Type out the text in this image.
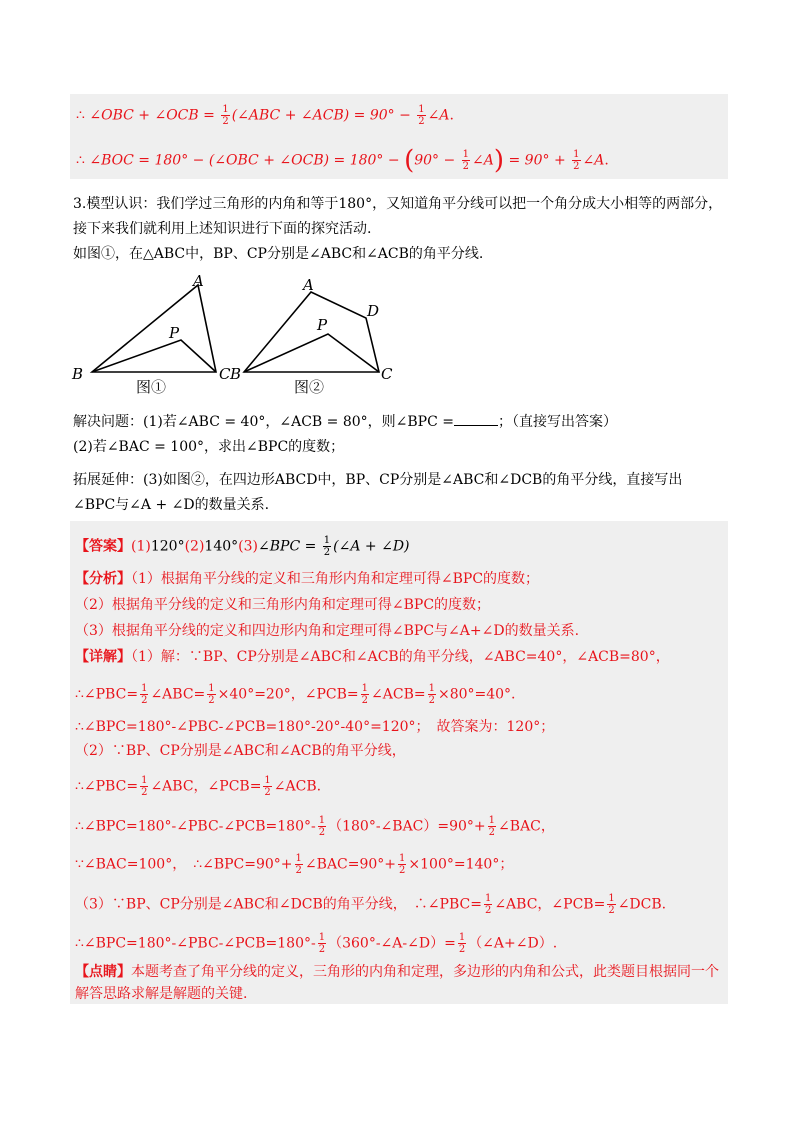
∴ ∠OBC + ∠OCB = $\frac{1}{2}$ (∠ABC + ∠ACB) = $90^\circ - \frac{1}{2}$ ∠A.
∴ ∠BOC = 180° − (∠OBC + ∠OCB) = $180^\circ - (90^\circ - \frac{1}{2}$ ∠A) = $90^\circ + \frac{1}{2}$ ∠A.
3.模型认识：我们学过三角形的内角和等于180°，又知道角平分线可以把一个角分成大小相等的两部分，
接下来我们就利用上述知识进行下面的探究活动.
如图①，在△ABC中，BP、CP分别是∠ABC和∠ACB的角平分线.
A
P
B	C
图①
A
D
P
B	C
图②
解决问题：(1)若∠ABC = 40°，∠ACB = 80°，则∠BPC =	；（直接写出答案）
(2)若∠BAC = 100°，求出∠BPC的度数；
拓展延伸：(3)如图②，在四边形ABCD中，BP、CP分别是∠ABC和∠DCB的角平分线，直接写出
∠BPC与∠A + ∠D的数量关系.
【答案】(1)120°(2)140°(3)∠BPC = $\frac{1}{2}$ (∠A + ∠D)
【分析】（1）根据角平分线的定义和三角形内角和定理可得∠BPC的度数；
（2）根据角平分线的定义和三角形内角和定理可得∠BPC的度数；
（3）根据角平分线的定义和四边形内角和定理可得∠BPC与∠A+∠D的数量关系.
【详解】（1）解：∵BP、CP分别是∠ABC和∠ACB的角平分线，∠ABC=40°，∠ACB=80°，
∴∠PBC= $\frac{1}{2}$ ∠ABC= $\frac{1}{2} \times 40^\circ=20^\circ$，∠PCB= $\frac{1}{2}$ ∠ACB= $\frac{1}{2} \times 80^\circ=40^\circ$.
∴∠BPC=180°-∠PBC-∠PCB=180°-20°-40°=120°；　故答案为：120°；
（2）∵BP、CP分别是∠ABC和∠ACB的角平分线，
∴∠PBC= $\frac{1}{2}$ ∠ABC，∠PCB= $\frac{1}{2}$ ∠ACB.
∴∠BPC=180°-∠PBC-∠PCB=180°- $\frac{1}{2}$ （180°-∠BAC）=90°+ $\frac{1}{2}$ ∠BAC，
∵∠BAC=100°，　∴∠BPC=90°+ $\frac{1}{2}$ ∠BAC=90°+ $\frac{1}{2} \times 100^\circ=140^\circ$；
（3）∵BP、CP分别是∠ABC和∠DCB的角平分线，　∴∠PBC= $\frac{1}{2}$ ∠ABC，∠PCB= $\frac{1}{2}$ ∠DCB.
∴∠BPC=180°-∠PBC-∠PCB=180°- $\frac{1}{2}$ （360°-∠A-∠D）= $\frac{1}{2}$ （∠A+∠D）.
【点睛】本题考查了角平分线的定义，三角形的内角和定理，多边形的内角和公式，此类题目根据同一个
解答思路求解是解题的关键.
